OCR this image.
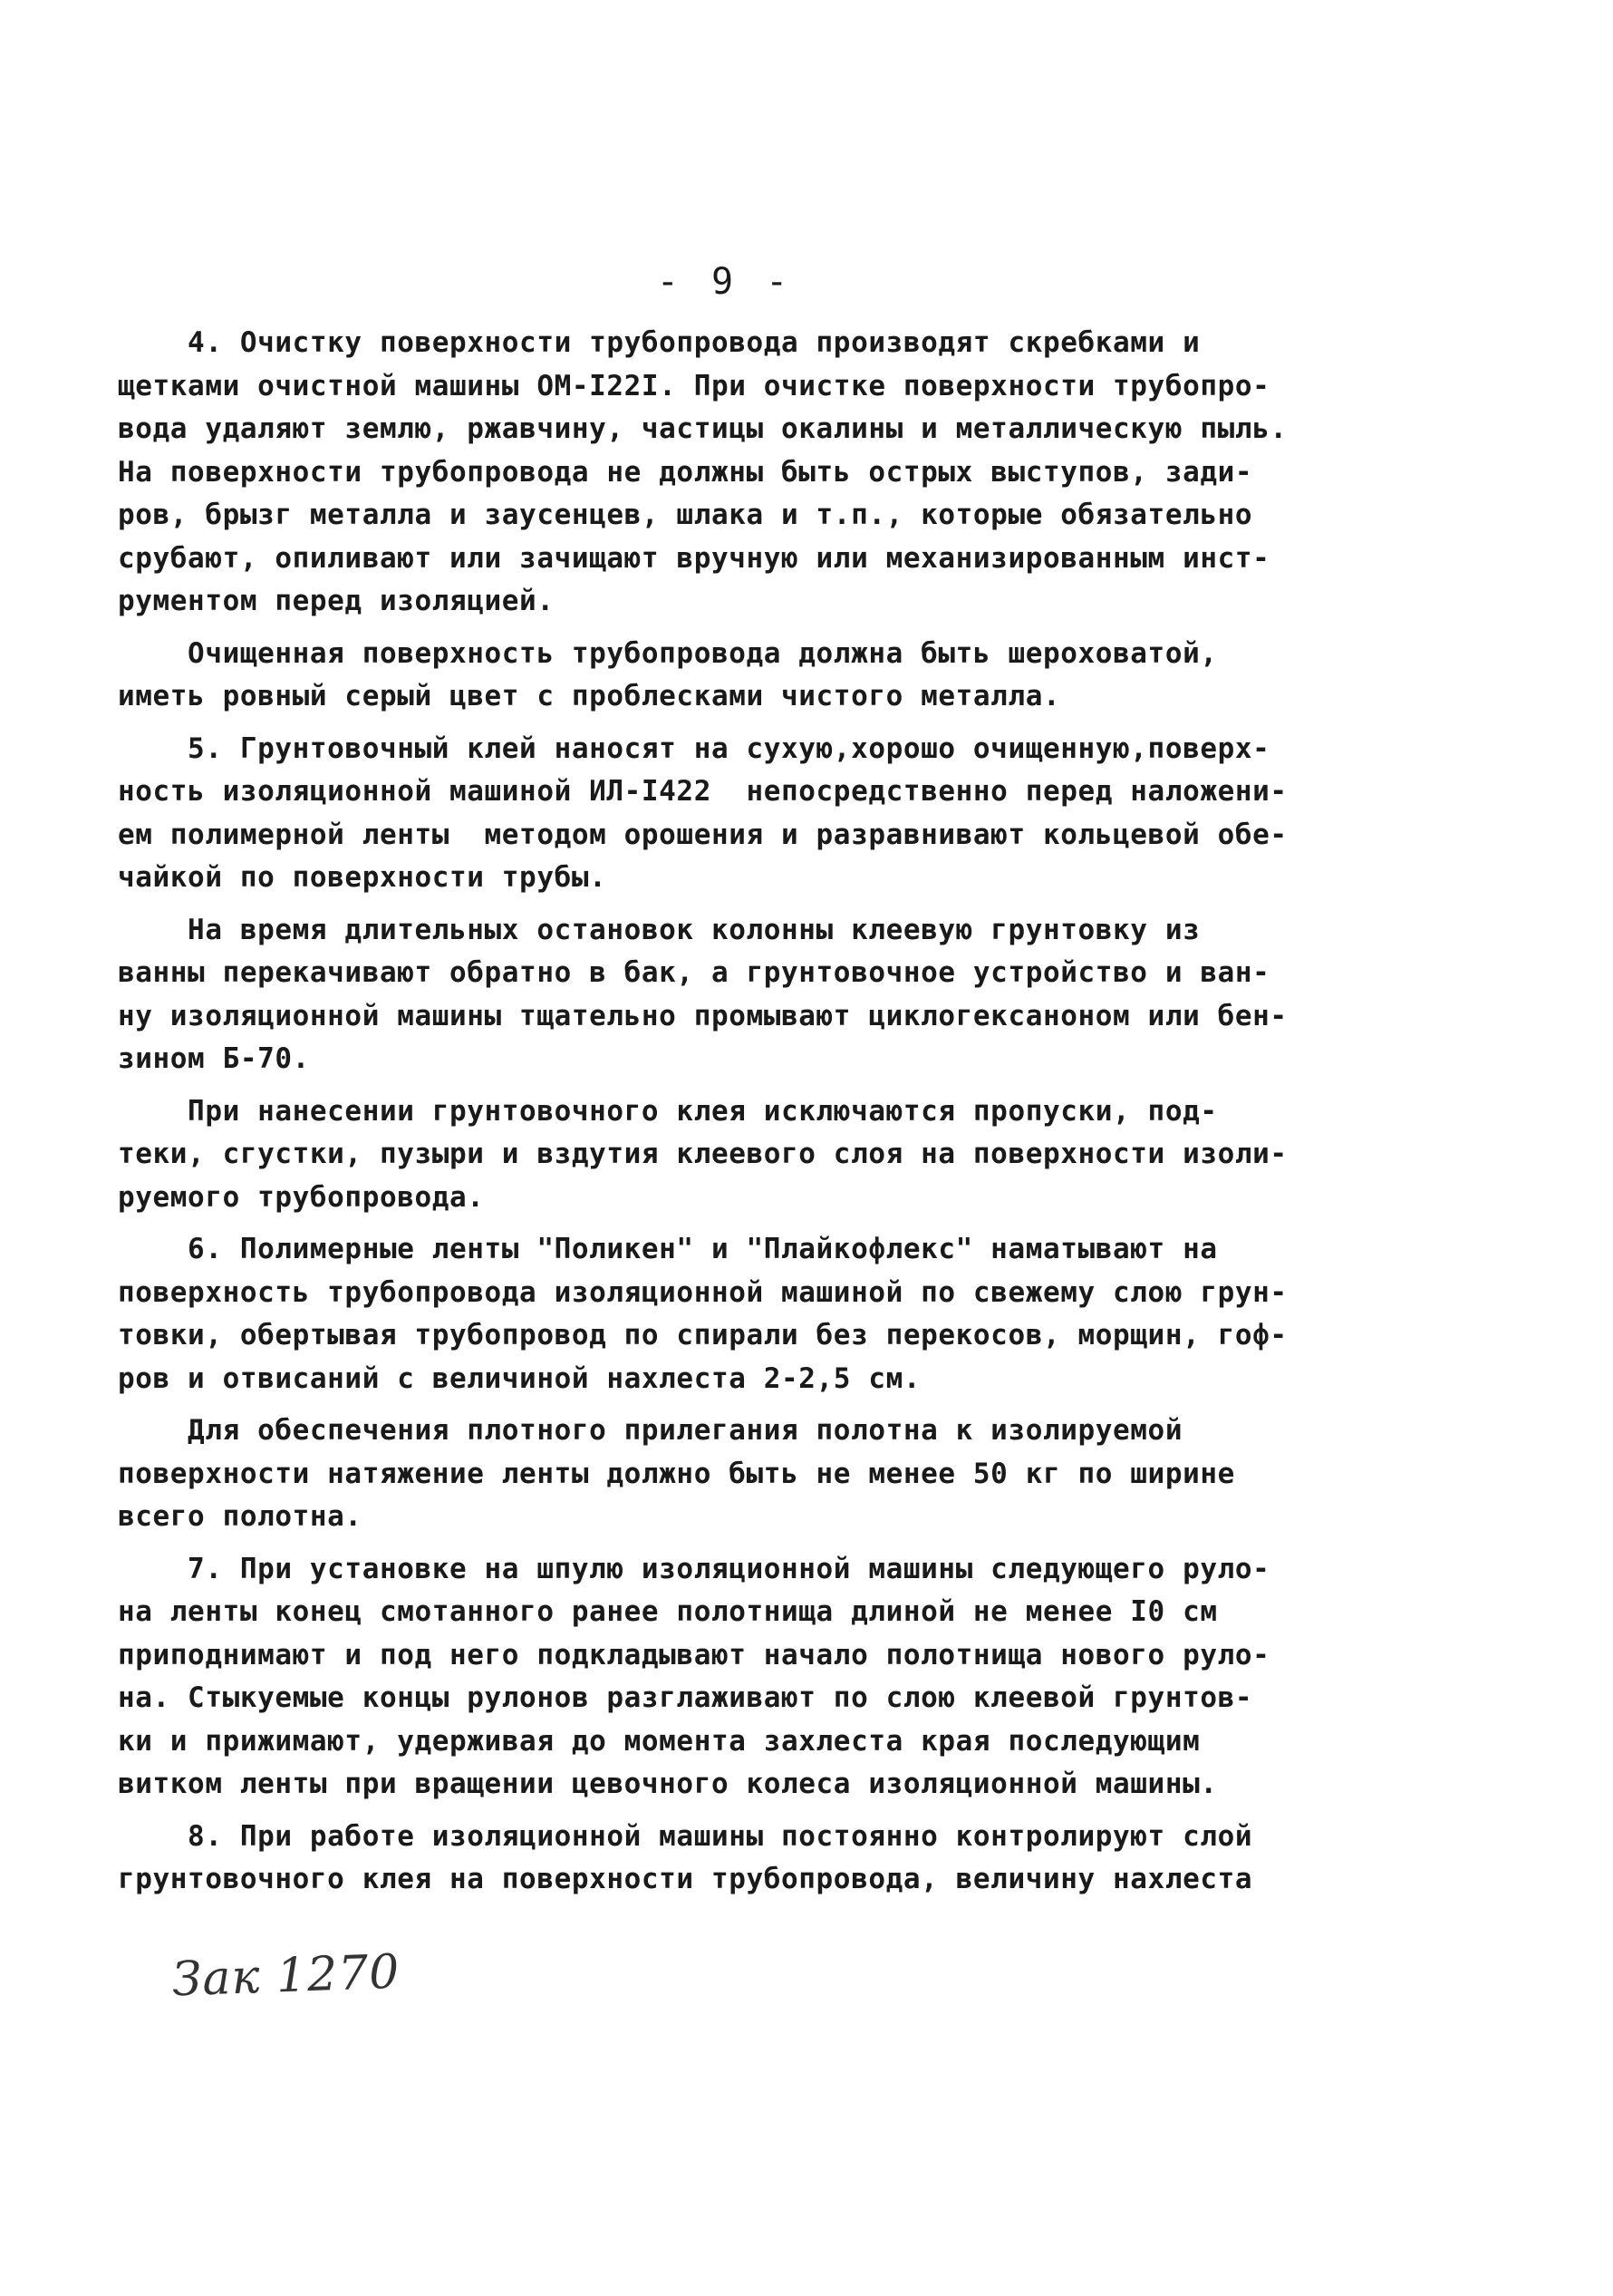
- 9 -

4. Очистку поверхности трубопровода производят скребками и
щетками очистной машины ОМ-I22I. При очистке поверхности трубопро-
вода удаляют землю, ржавчину, частицы окалины и металлическую пыль.
На поверхности трубопровода не должны быть острых выступов, зади-
ров, брызг металла и заусенцев, шлака и т.п., которые обязательно
срубают, опиливают или зачищают вручную или механизированным инст-
рументом перед изоляцией.

Очищенная поверхность трубопровода должна быть шероховатой,
иметь ровный серый цвет с проблесками чистого металла.

5. Грунтовочный клей наносят на сухую,хорошо очищенную,поверх-
ность изоляционной машиной ИЛ-I422  непосредственно перед наложени-
ем полимерной ленты  методом орошения и разравнивают кольцевой обе-
чайкой по поверхности трубы.

На время длительных остановок колонны клеевую грунтовку из
ванны перекачивают обратно в бак, а грунтовочное устройство и ван-
ну изоляционной машины тщательно промывают циклогексаноном или бен-
зином Б-70.

При нанесении грунтовочного клея исключаются пропуски, под-
теки, сгустки, пузыри и вздутия клеевого слоя на поверхности изоли-
руемого трубопровода.

6. Полимерные ленты "Поликен" и "Плайкофлекс" наматывают на
поверхность трубопровода изоляционной машиной по свежему слою грун-
товки, обертывая трубопровод по спирали без перекосов, морщин, гоф-
ров и отвисаний с величиной нахлеста 2-2,5 см.

Для обеспечения плотного прилегания полотна к изолируемой
поверхности натяжение ленты должно быть не менее 50 кг по ширине
всего полотна.

7. При установке на шпулю изоляционной машины следующего руло-
на ленты конец смотанного ранее полотнища длиной не менее I0 см
приподнимают и под него подкладывают начало полотнища нового руло-
на. Стыкуемые концы рулонов разглаживают по слою клеевой грунтов-
ки и прижимают, удерживая до момента захлеста края последующим
витком ленты при вращении цевочного колеса изоляционной машины.

8. При работе изоляционной машины постоянно контролируют слой
грунтовочного клея на поверхности трубопровода, величину нахлеста

Зак 1270
